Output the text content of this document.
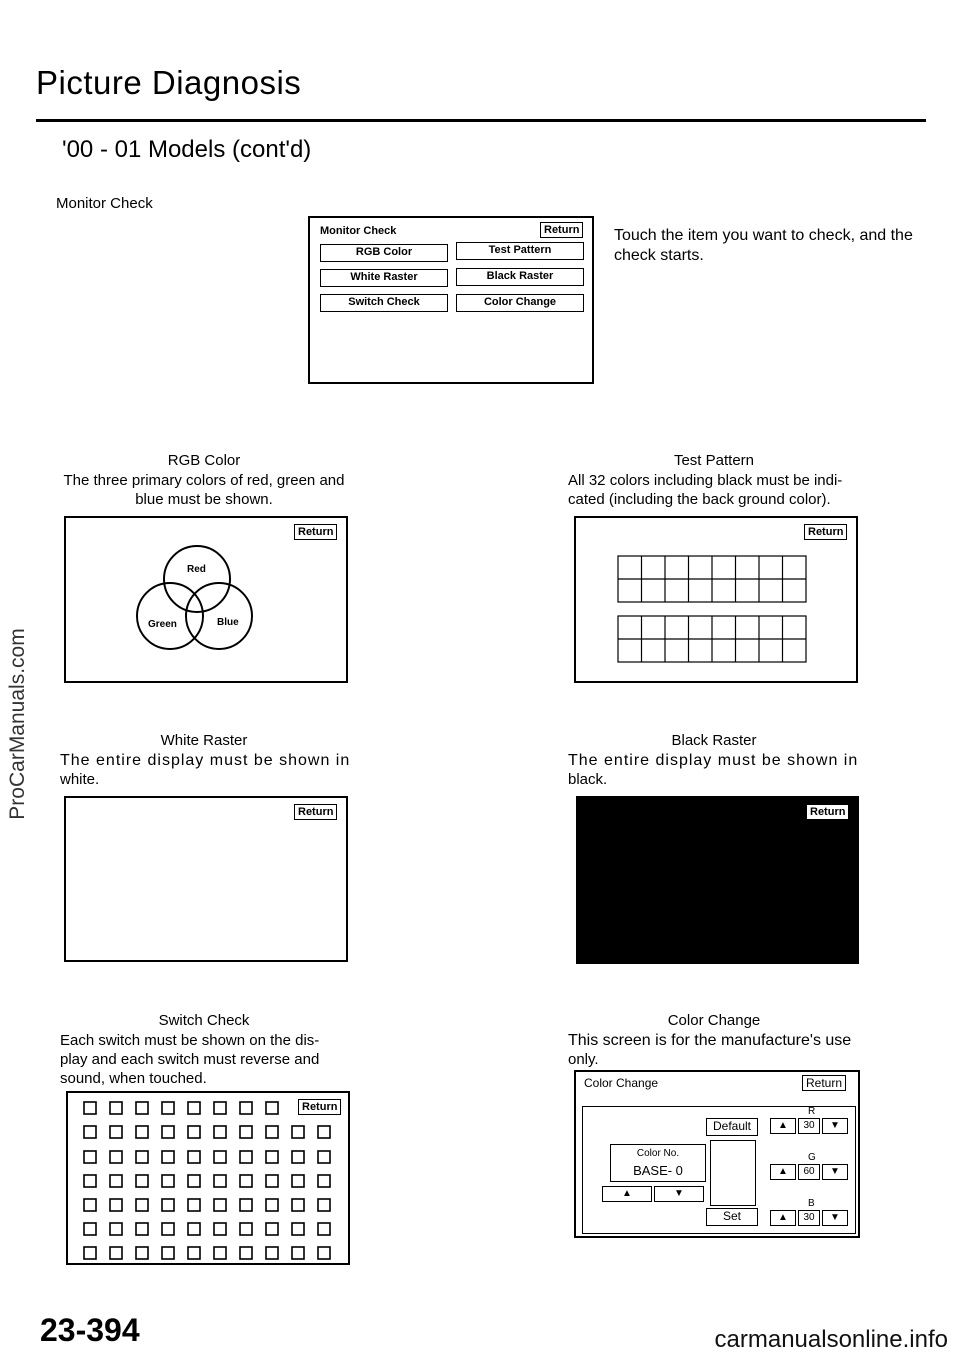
Picture Diagnosis
'00 - 01 Models (cont'd)
Monitor Check
Touch the item you want to check, and the check starts.
Monitor Check	Return
RGB Color
White Raster
Switch Check
Test Pattern
Black Raster
Color Change
RGB Color
The three primary colors of red, green and
blue must be shown.
Return
Red
Green	Blue
Test Pattern
All 32 colors including black must be indi-
cated (including the back ground color).
Return
White Raster
The entire display must be shown in
white.
Return
Black Raster
The entire display must be shown in
black.
Return
Switch Check
Each switch must be shown on the dis-
play and each switch must reverse and
sound, when touched.
Return
Color Change
This screen is for the manufacture's use
only.
Color Change	Return
Default
Set
Color No.
BASE- 0
▲	▼
R
▲	30	▼
G
▲	60	▼
B
▲	30	▼
23-394	carmanualsonline.info
ProCarManuals.com
